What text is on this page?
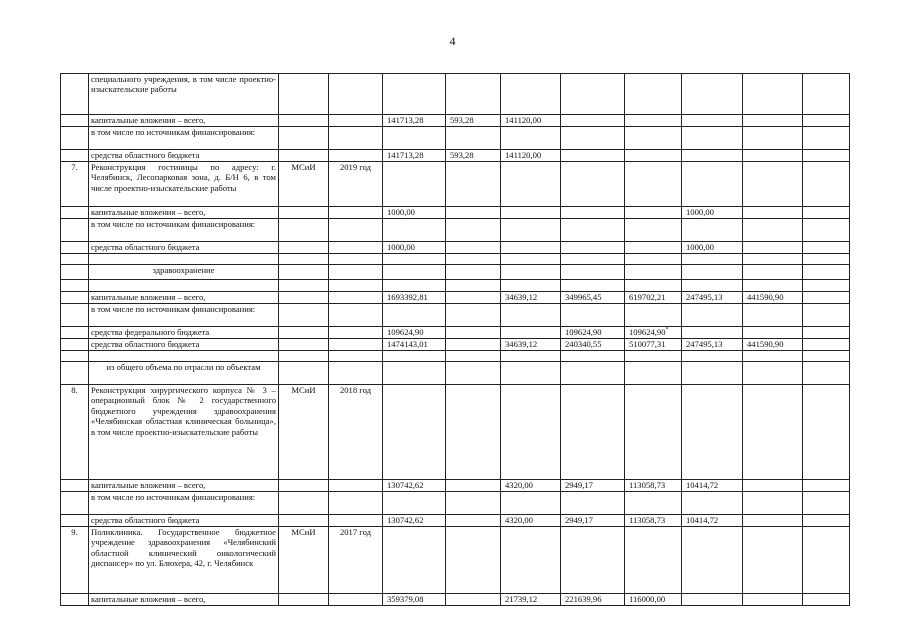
4
	специального учреждения, в том числе проектно-изыскательские работы										
	капитальные вложения – всего,			141713,28	593,28	141120,00					
	в том числе по источникам финансирования:										
	средства областного бюджета			141713,28	593,28	141120,00					
7.	Реконструкция гостиницы по адресу: г. Челябинск, Лесопарковая зона, д. Б/Н 6, в том числе проектно-изыскательские работы	МСиИ	2019 год								
	капитальные вложения – всего,			1000,00					1000,00		
	в том числе по источникам финансирования:										
	средства областного бюджета			1000,00					1000,00		

	здравоохранение										

	капитальные вложения – всего,			1693392,81		34639,12	349965,45	619702,21	247495,13	441590,90	
	в том числе по источникам финансирования:										
	средства федерального бюджета			109624,90			109624,90	109624,90*			
	средства областного бюджета			1474143,01		34639,12	240340,55	510077,31	247495,13	441590,90	

	из общего объема по отрасли по объектам										
8.	Реконструкция хирургического корпуса № 3 – операционный блок № 2 государственного бюджетного учреждения здравоохранения «Челябинская областная клиническая больница», в том числе проектно-изыскательские работы	МСиИ	2018 год								
	капитальные вложения – всего,			130742,62		4320,00	2949,17	113058,73	10414,72		
	в том числе по источникам финансирования:										
	средства областного бюджета			130742,62		4320,00	2949,17	113058,73	10414,72		
9.	Поликлиника. Государственное бюджетное учреждение здравоохранения «Челябинский областной клинический онкологический диспансер» по ул. Блюхера, 42, г. Челябинск	МСиИ	2017 год								
	капитальные вложения – всего,			359379,08		21739,12	221639,96	116000,00			
